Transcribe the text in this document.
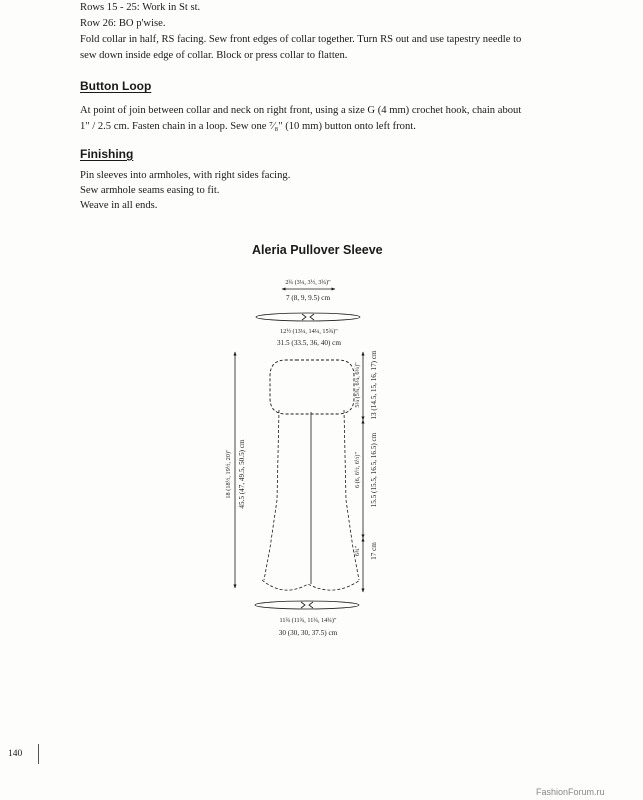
Rows 15 - 25: Work in St st.
Row 26: BO p'wise.
Fold collar in half, RS facing. Sew front edges of collar together. Turn RS out and use tapestry needle to
sew down inside edge of collar. Block or press collar to flatten.
Button Loop
At point of join between collar and neck on right front, using a size G (4 mm) crochet hook, chain about
1" / 2.5 cm. Fasten chain in a loop. Sew one ⁷⁄₈" (10 mm) button onto left front.
Finishing
Pin sleeves into armholes, with right sides facing.
Sew armhole seams easing to fit.
Weave in all ends.
Aleria Pullover Sleeve
2¾ (3¼, 3½, 3¾)"
7 (8, 9, 9.5) cm
12½ (13¼, 14¼, 15¾)"
31.5 (33.5, 36, 40) cm
18 (18½, 19½, 20)" 45.5 (47, 49.5, 50.5) cm
5¼ (5¾, 6¼, 6¾)" 13 (14.5, 15, 16, 17) cm
6 (6, 6½, 6½)" 15.5 (15.5, 16.5, 16.5) cm
6¾" 17 cm
11¾ (11¾, 11¾, 14¾)"
30 (30, 30, 37.5) cm
140
FashionForum.ru
